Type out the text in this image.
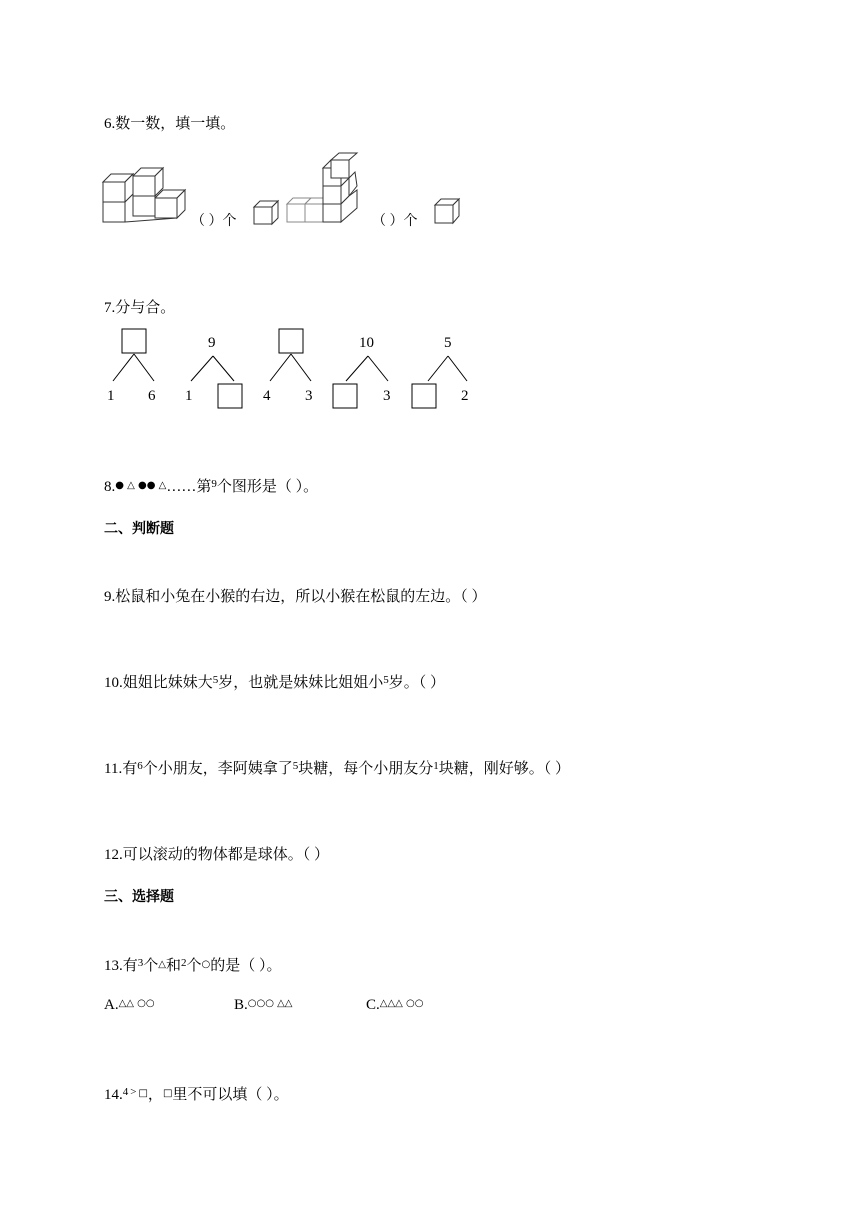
6.数一数，填一填。
（ ）个	（ ）个
7.分与合。
9	10	5
1 6 1	4 3	3	2
8.● △ ●● △……第$^9$个图形是（ ）。
二、判断题
9.松鼠和小兔在小猴的右边，所以小猴在松鼠的左边。（ ）
10.姐姐比妹妹大$^5$岁，也就是妹妹比姐姐小$^5$岁。（ ）
11.有$^6$个小朋友，李阿姨拿了$^5$块糖，每个小朋友分$^1$块糖，刚好够。（ ）
12.可以滚动的物体都是球体。（ ）
三、选择题
13.有$^3$个△和$^2$个○的是（ ）。
A.△△ ○○	B.○○○ △△	C.△△△ ○○
14.$^4$ > □，□里不可以填（ ）。
